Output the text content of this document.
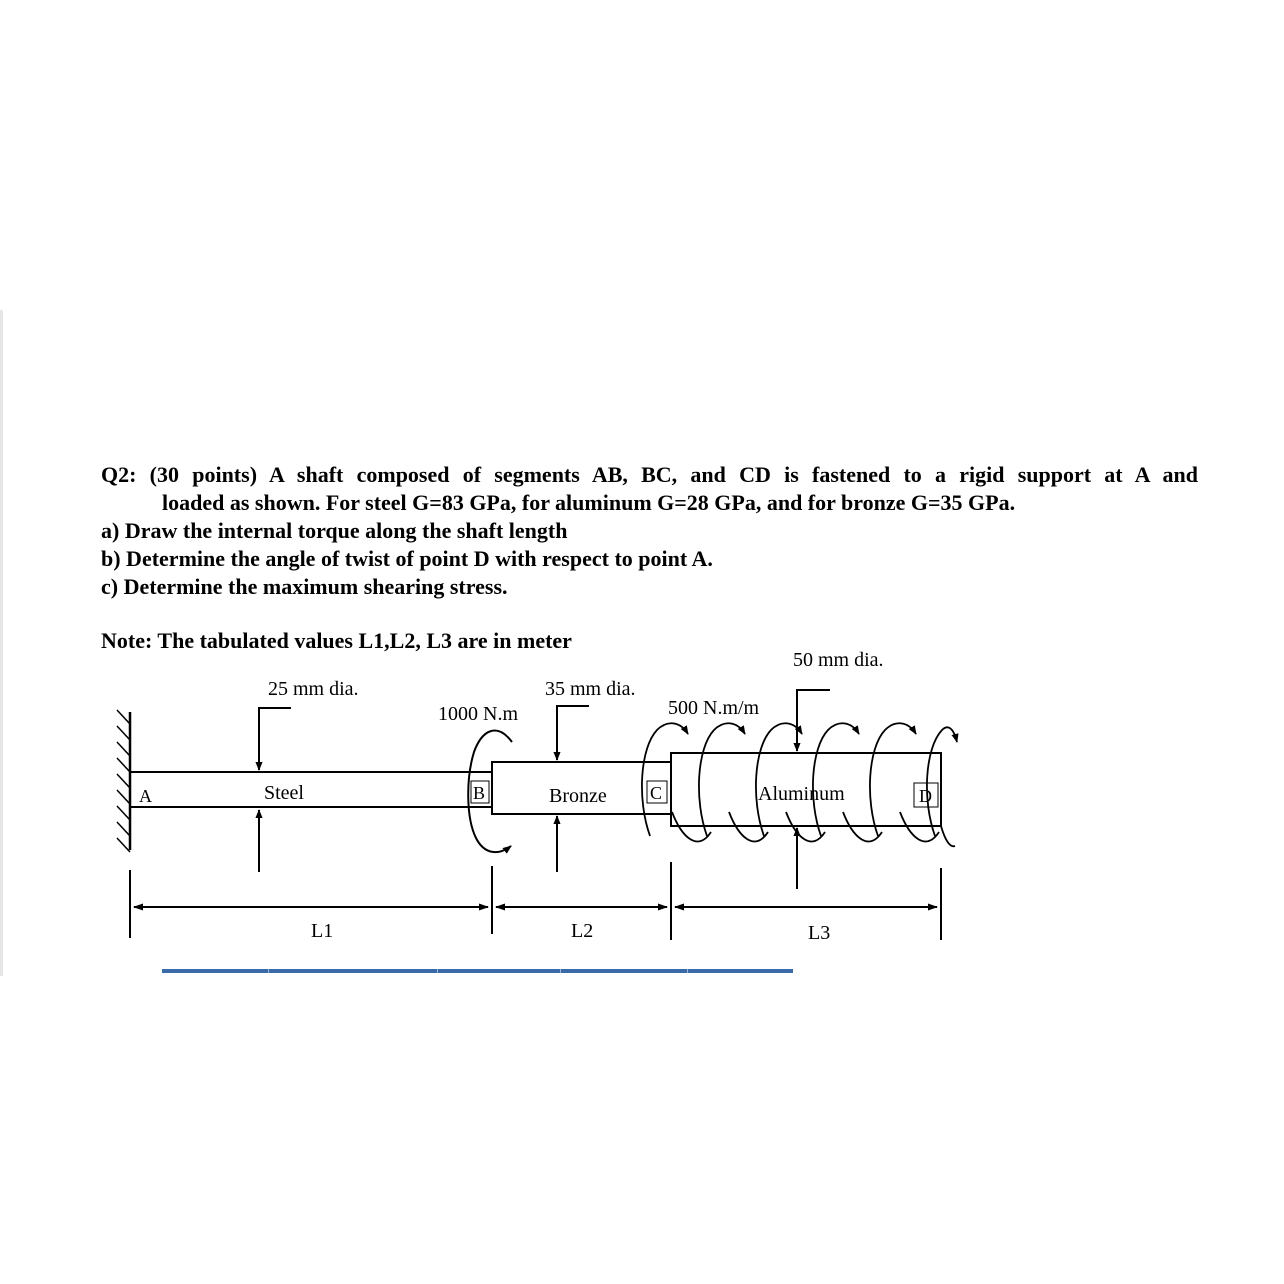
Q2: (30 points) A shaft composed of segments AB, BC, and CD is fastened to a rigid support at A and
loaded as shown. For steel G=83 GPa, for aluminum G=28 GPa, and for bronze G=35 GPa.
a) Draw the internal torque along the shaft length
b) Determine the angle of twist of point D with respect to point A.
c) Determine the maximum shearing stress.
Note: The tabulated values L1,L2, L3 are in meter
A	B	C	D
Steel	Bronze	Aluminum
25 mm dia.	35 mm dia.
50 mm dia.
1000 N.m	500 N.m/m
L1	L2	L3
